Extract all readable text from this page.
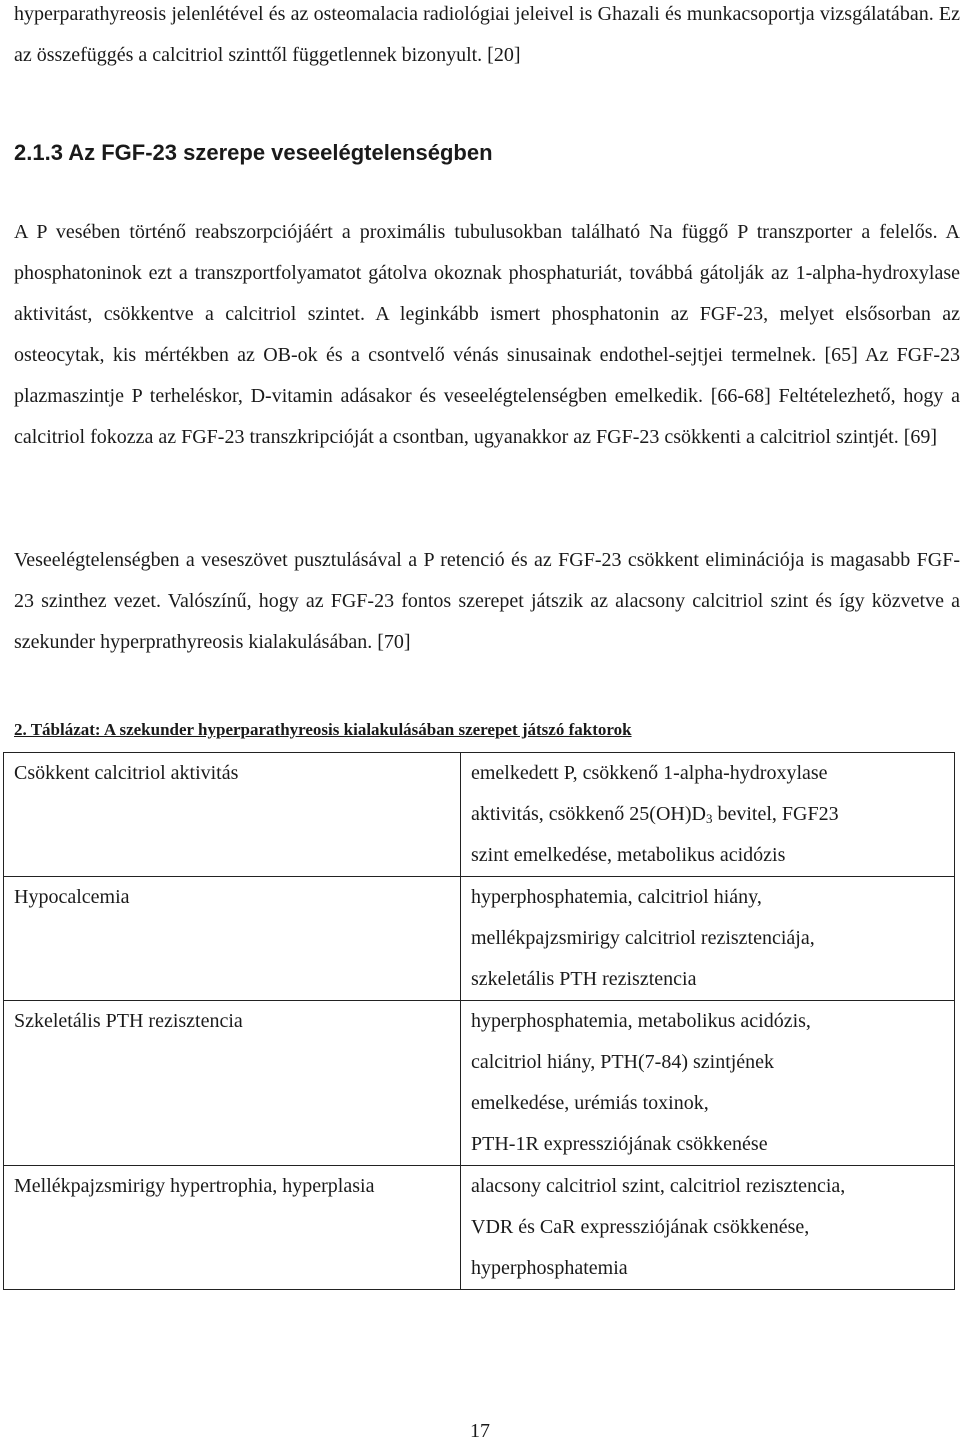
hyperparathyreosis jelenlétével és az osteomalacia radiológiai jeleivel is Ghazali és munkacsoportja vizsgálatában. Ez az összefüggés a calcitriol szinttől függetlennek bizonyult. [20]

2.1.3 Az FGF-23 szerepe veseelégtelenségben

A P vesében történő reabszorpciójáért a proximális tubulusokban található Na függő P transzporter a felelős. A phosphatoninok ezt a transzportfolyamatot gátolva okoznak phosphaturiát, továbbá gátolják az 1-alpha-hydroxylase aktivitást, csökkentve a calcitriol szintet. A leginkább ismert phosphatonin az FGF-23, melyet elsősorban az osteocytak, kis mértékben az OB-ok és a csontvelő vénás sinusainak endothel-sejtjei termelnek. [65] Az FGF-23 plazmaszintje P terheléskor, D-vitamin adásakor és veseelégtelenségben emelkedik. [66-68] Feltételezhető, hogy a calcitriol fokozza az FGF-23 transzkripcióját a csontban, ugyanakkor az FGF-23 csökkenti a calcitriol szintjét. [69]

Veseelégtelenségben a veseszövet pusztulásával a P retenció és az FGF-23 csökkent eliminációja is magasabb FGF-23 szinthez vezet. Valószínű, hogy az FGF-23 fontos szerepet játszik az alacsony calcitriol szint és így közvetve a szekunder hyperprathyreosis kialakulásában. [70]

2. Táblázat: A szekunder hyperparathyreosis kialakulásában szerepet játszó faktorok

Csökkent calcitriol aktivitás	emelkedett P, csökkenő 1-alpha-hydroxylase
aktivitás, csökkenő $25(OH)D_3$ bevitel, FGF23
szint emelkedése, metabolikus acidózis

Hypocalcemia	hyperphosphatemia, calcitriol hiány,
mellékpajzsmirigy calcitriol rezisztenciája,
szkeletális PTH rezisztencia

Szkeletális PTH rezisztencia	hyperphosphatemia, metabolikus acidózis,
calcitriol hiány, PTH(7-84) szintjének
emelkedése, urémiás toxinok,
PTH-1R expressziójának csökkenése

Mellékpajzsmirigy hypertrophia, hyperplasia	alacsony calcitriol szint, calcitriol rezisztencia,
VDR és CaR expressziójának csökkenése,
hyperphosphatemia

17
